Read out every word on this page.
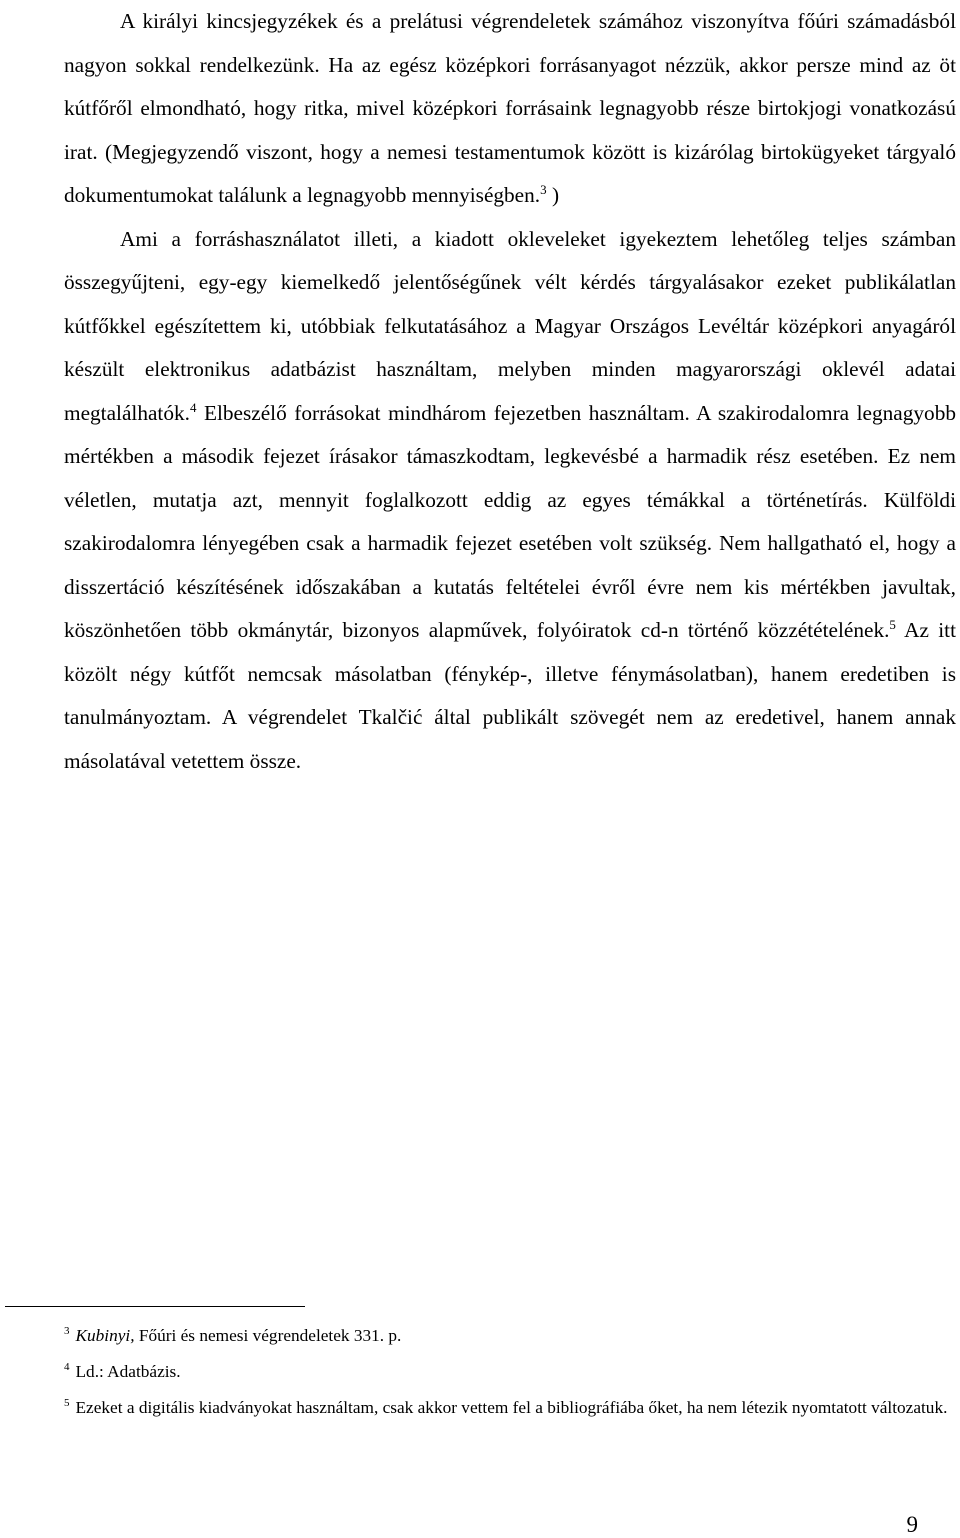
A királyi kincsjegyzékek és a prelátusi végrendeletek számához viszonyítva főúri számadásból nagyon sokkal rendelkezünk. Ha az egész középkori forrásanyagot nézzük, akkor persze mind az öt kútfőről elmondható, hogy ritka, mivel középkori forrásaink legnagyobb része birtokjogi vonatkozású irat. (Megjegyzendő viszont, hogy a nemesi testamentumok között is kizárólag birtokügyeket tárgyaló dokumentumokat találunk a legnagyobb mennyiségben.$^3$ )

Ami a forráshasználatot illeti, a kiadott okleveleket igyekeztem lehetőleg teljes számban összegyűjteni, egy-egy kiemelkedő jelentőségűnek vélt kérdés tárgyalásakor ezeket publikálatlan kútfőkkel egészítettem ki, utóbbiak felkutatásához a Magyar Országos Levéltár középkori anyagáról készült elektronikus adatbázist használtam, melyben minden magyarországi oklevél adatai megtalálhatók.$^4$ Elbeszélő forrásokat mindhárom fejezetben használtam. A szakirodalomra legnagyobb mértékben a második fejezet írásakor támaszkodtam, legkevésbé a harmadik rész esetében. Ez nem véletlen, mutatja azt, mennyit foglalkozott eddig az egyes témákkal a történetírás. Külföldi szakirodalomra lényegében csak a harmadik fejezet esetében volt szükség. Nem hallgatható el, hogy a disszertáció készítésének időszakában a kutatás feltételei évről évre nem kis mértékben javultak, köszönhetően több okmánytár, bizonyos alapművek, folyóiratok cd-n történő közzétételének.$^5$ Az itt közölt négy kútfőt nemcsak másolatban (fénykép-, illetve fénymásolatban), hanem eredetiben is tanulmányoztam. A végrendelet Tkalčić által publikált szövegét nem az eredetivel, hanem annak másolatával vetettem össze.

$^3$ Kubinyi, Főúri és nemesi végrendeletek 331. p.

$^4$ Ld.: Adatbázis.

$^5$ Ezeket a digitális kiadványokat használtam, csak akkor vettem fel a bibliográfiába őket, ha nem létezik nyomtatott változatuk.

9
